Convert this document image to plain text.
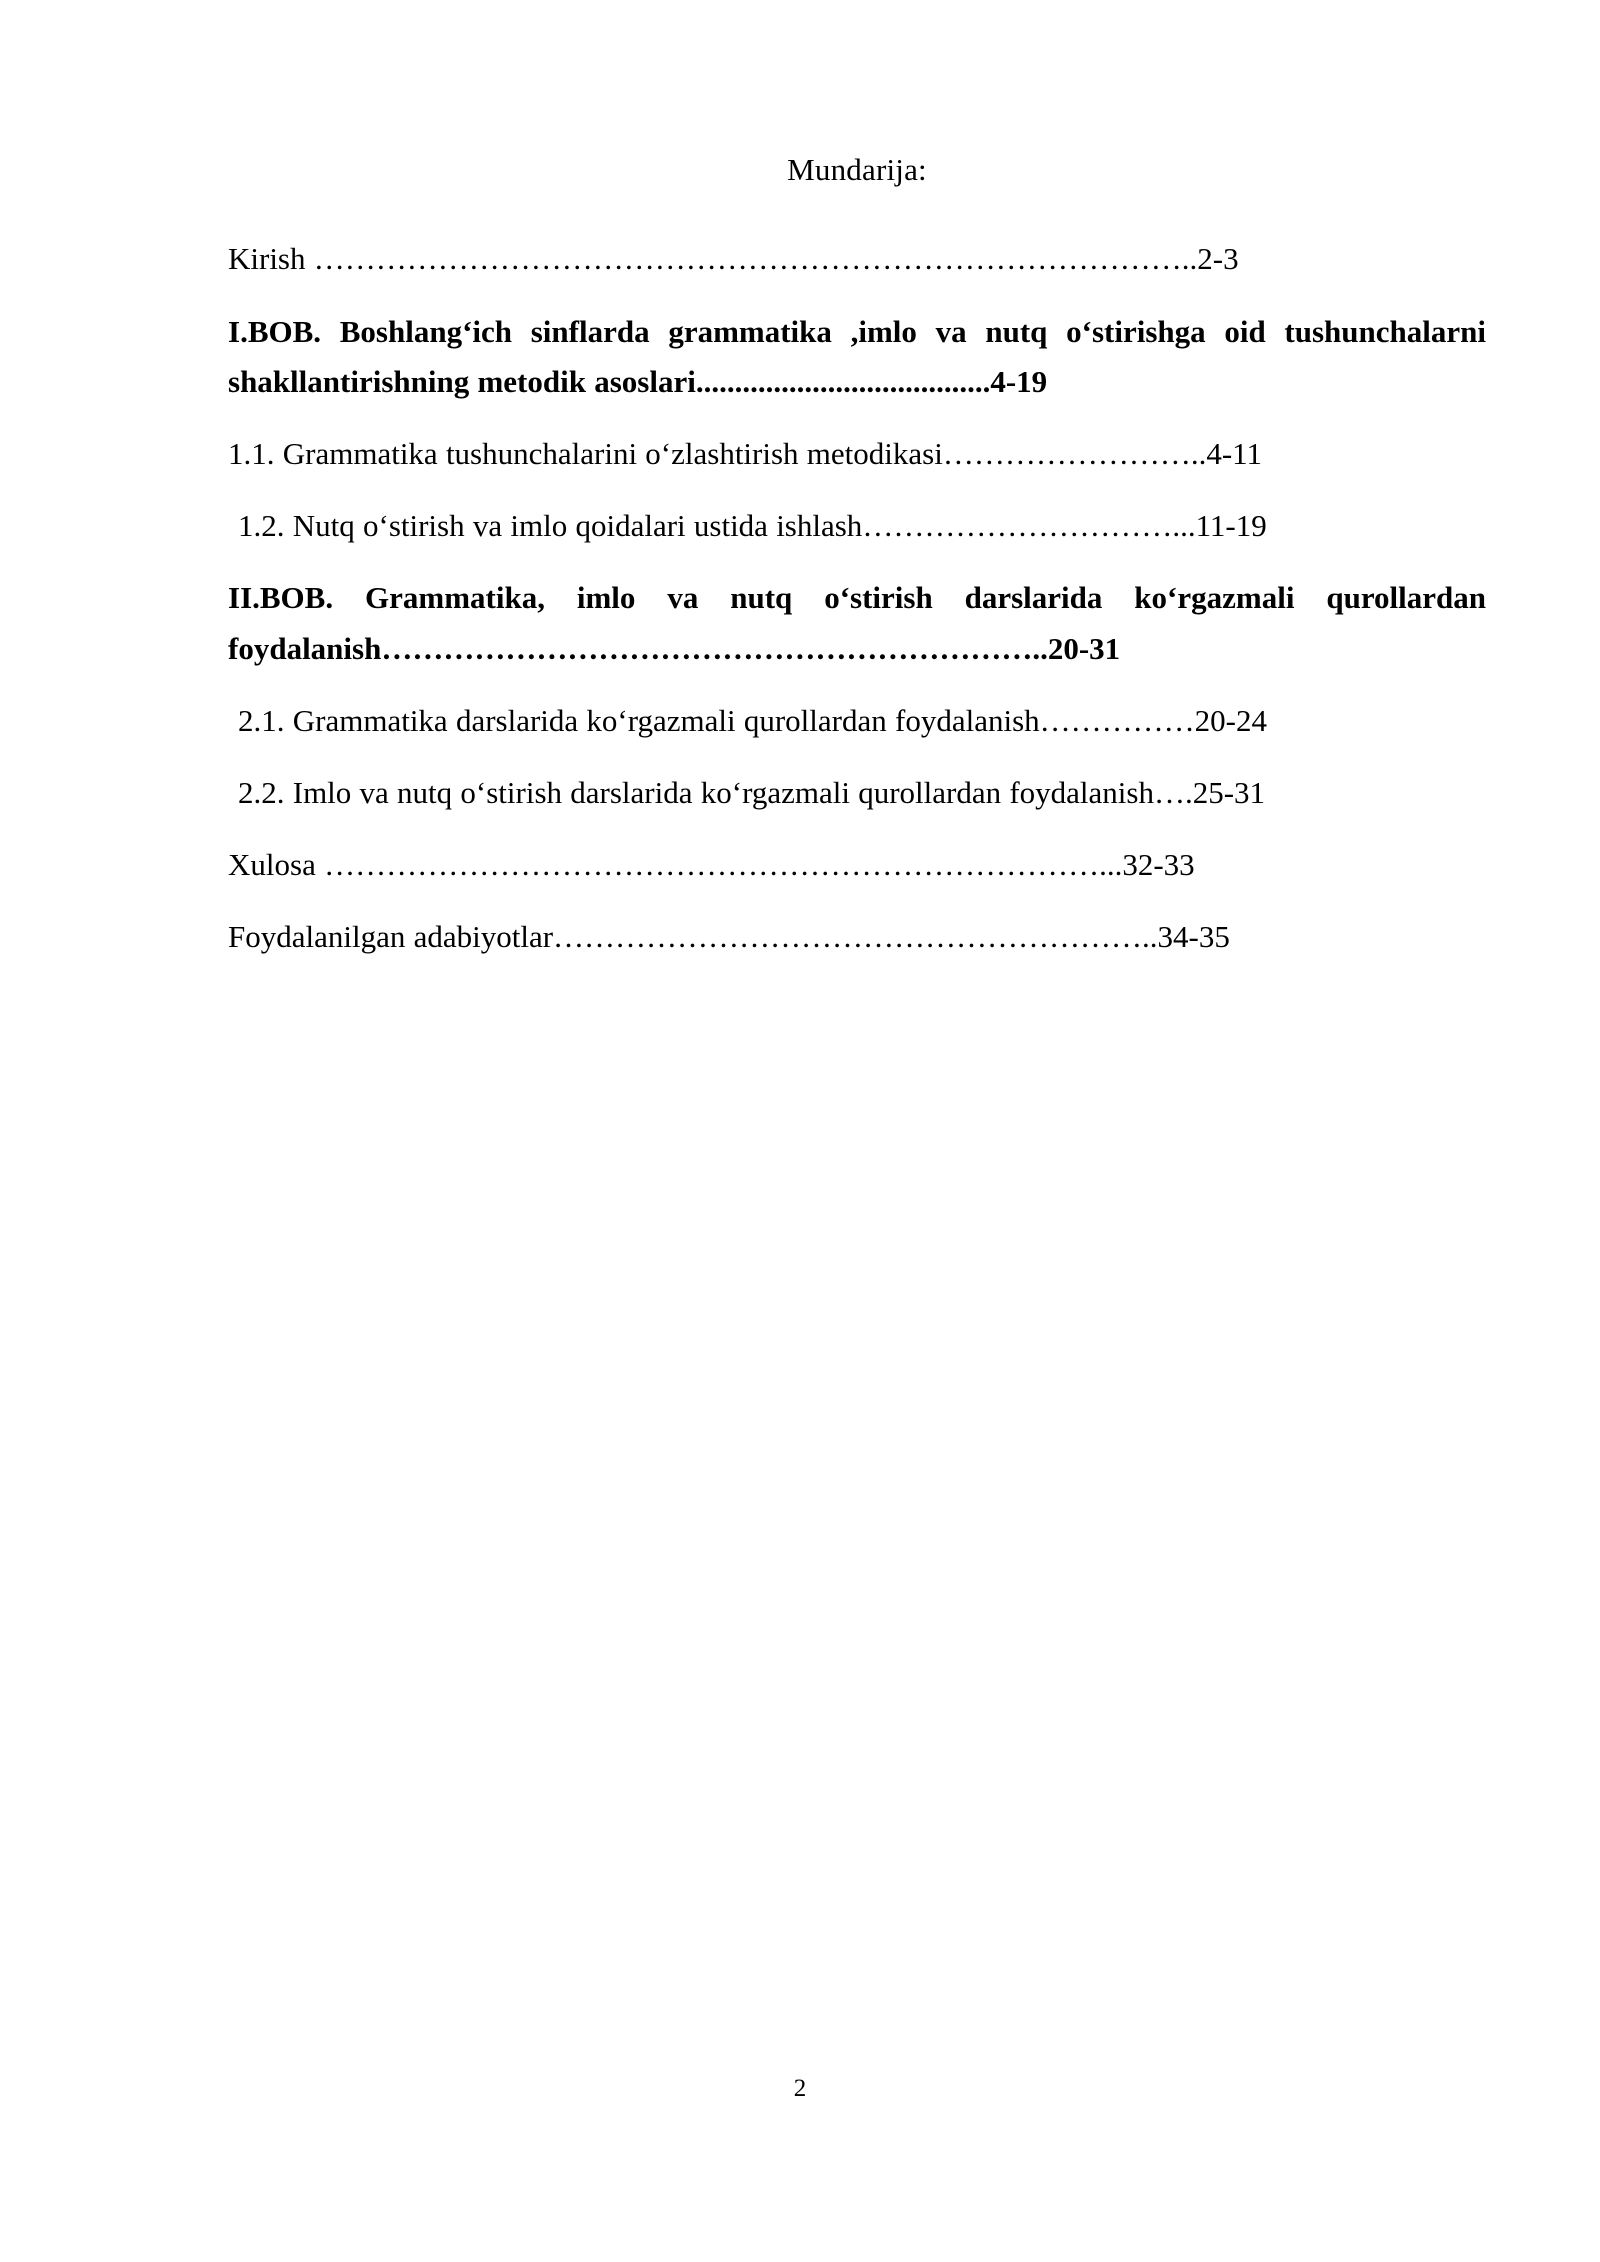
Mundarija:
Kirish …………………………………………………………………………..2-3
I.BOB. Boshlang‘ich sinflarda grammatika ,imlo va nutq o‘stirishga oid tushunchalarni shakllantirishning metodik asoslari......................................4-19
1.1. Grammatika tushunchalarini o‘zlashtirish metodikasi……………………..4-11
1.2. Nutq o‘stirish va imlo qoidalari ustida ishlash…………………………...11-19
II.BOB. Grammatika, imlo va nutq o‘stirish darslarida ko‘rgazmali qurollardan foydalanish………………………………………………………..20-31
2.1. Grammatika darslarida ko‘rgazmali qurollardan foydalanish……………20-24
2.2. Imlo va nutq o‘stirish darslarida ko‘rgazmali qurollardan foydalanish….25-31
Xulosa …………………………………………………………………...32-33
Foydalanilgan adabiyotlar…………………………………………………..34-35
2
